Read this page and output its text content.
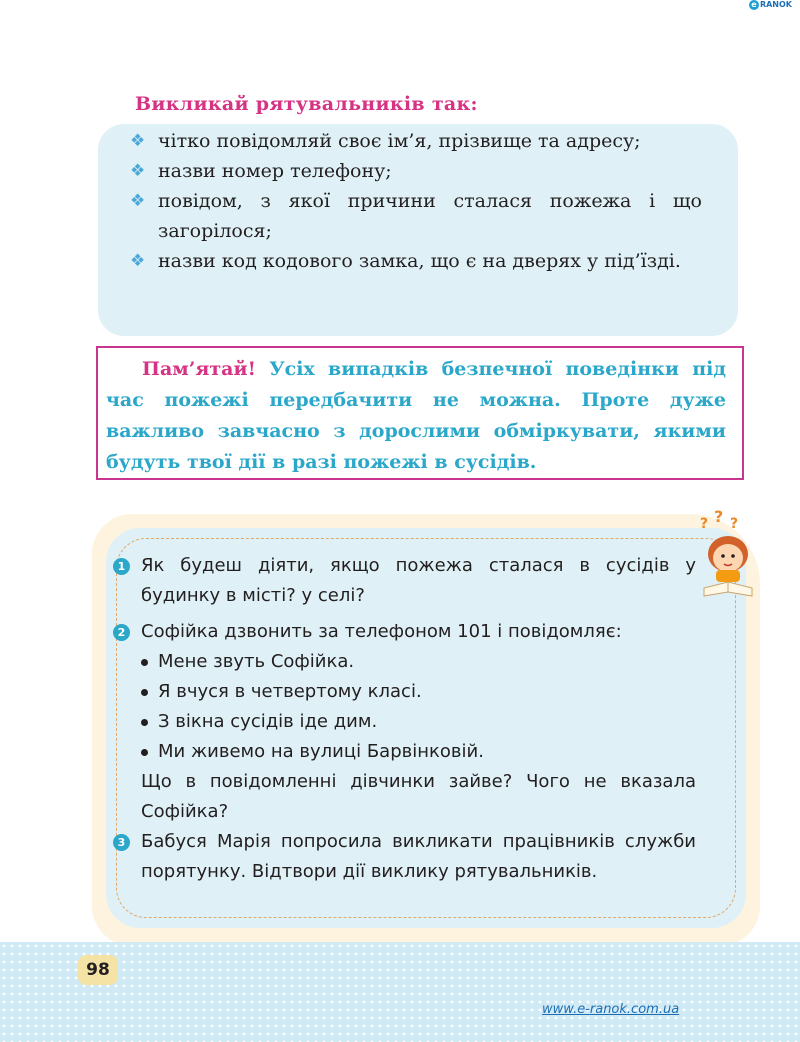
e RANOK
Викликай рятувальників так:
❖ чітко повідомляй своє ім’я, прізвище та адресу;
❖ назви номер телефону;
❖ повідом, з якої причини сталася пожежа і що загорілося;
❖ назви код кодового замка, що є на дверях у під’їзді.

Пам’ятай! Усіх випадків безпечної поведінки під час пожежі передбачити не можна. Проте дуже важливо завчасно з дорослими обміркувати, якими будуть твої дії в разі пожежі в сусідів.

? ? ?
1 Як будеш діяти, якщо пожежа сталася в сусідів у будинку в місті? у селі?
2 Софійка дзвонить за телефоном 101 і повідомляє:
Мене звуть Софійка.
Я вчуся в четвертому класі.
З вікна сусідів іде дим.
Ми живемо на вулиці Барвінковій.
Що в повідомленні дівчинки зайве? Чого не вказала Софійка?
3 Бабуся Марія попросила викликати працівників служби порятунку. Відтвори дії виклику рятувальників.
98
www.e-ranok.com.ua
